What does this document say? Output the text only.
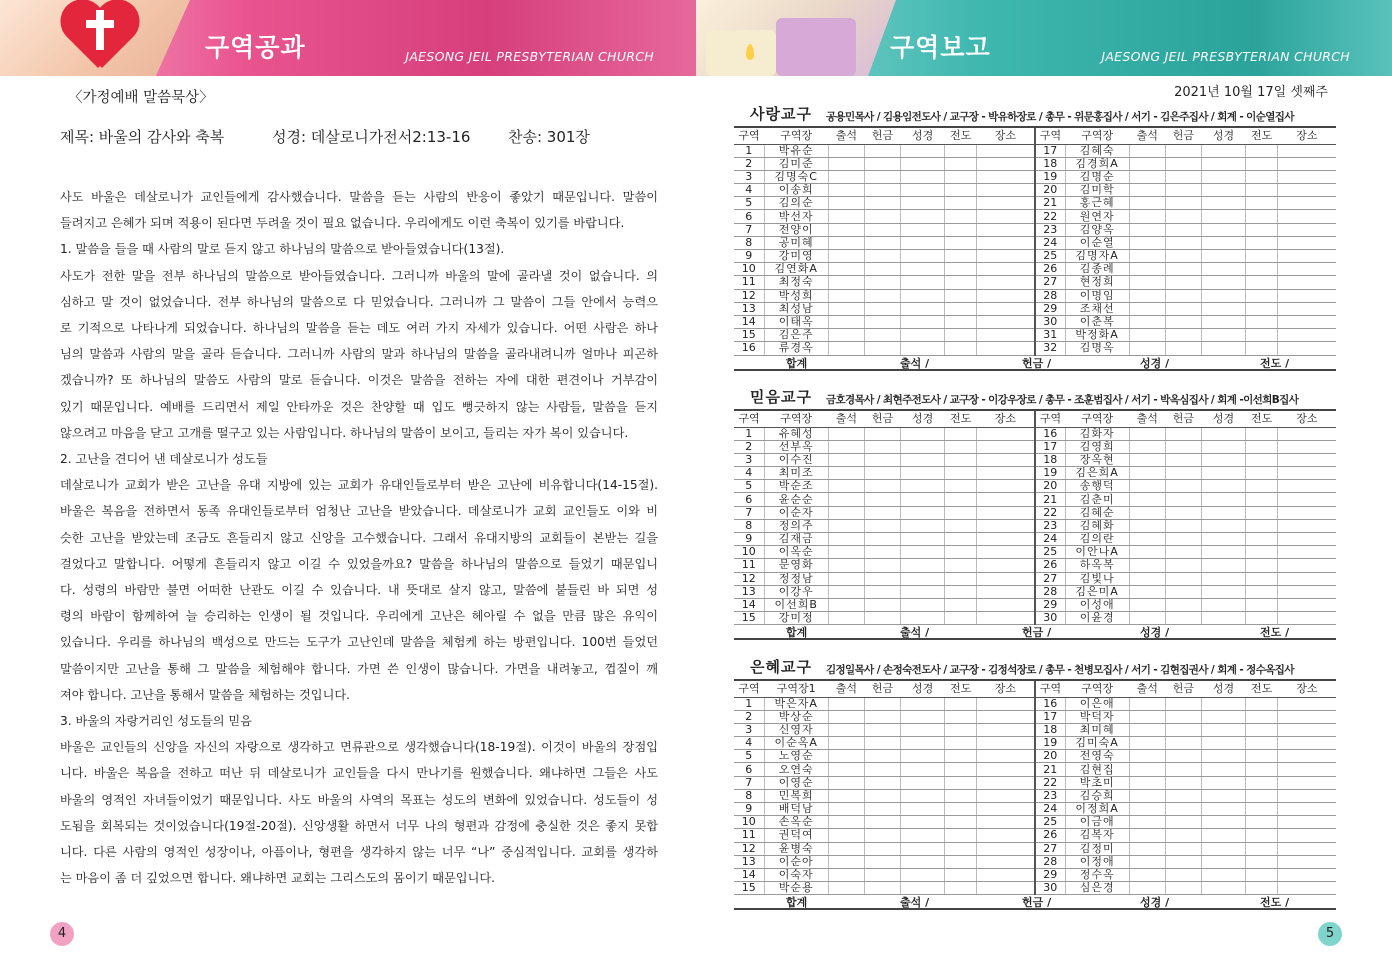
구역공과	JAESONG JEIL PRESBYTERIAN CHURCH	구역보고	JAESONG JEIL PRESBYTERIAN CHURCH
〈가정예배 말씀묵상〉
제목: 바울의 감사와 축복	성경: 데살로니가전서2:13-16	찬송: 301장

사도 바울은 데살로니가 교인들에게 감사했습니다. 말씀을 듣는 사람의 반응이 좋았기 때문입니다. 말씀이

들려지고 은혜가 되며 적용이 된다면 두려울 것이 필요 없습니다. 우리에게도 이런 축복이 있기를 바랍니다.

1. 말씀을 들을 때 사람의 말로 듣지 않고 하나님의 말씀으로 받아들였습니다(13절).

사도가 전한 말을 전부 하나님의 말씀으로 받아들였습니다. 그러니까 바울의 말에 골라낼 것이 없습니다. 의

심하고 말 것이 없었습니다. 전부 하나님의 말씀으로 다 믿었습니다. 그러니까 그 말씀이 그들 안에서 능력으

로 기적으로 나타나게 되었습니다. 하나님의 말씀을 듣는 데도 여러 가지 자세가 있습니다. 어떤 사람은 하나

님의 말씀과 사람의 말을 골라 듣습니다. 그러니까 사람의 말과 하나님의 말씀을 골라내려니까 얼마나 피곤하

겠습니까? 또 하나님의 말씀도 사람의 말로 듣습니다. 이것은 말씀을 전하는 자에 대한 편견이나 거부감이

있기 때문입니다. 예배를 드리면서 제일 안타까운 것은 찬양할 때 입도 뻥긋하지 않는 사람들, 말씀을 듣지

않으려고 마음을 닫고 고개를 떨구고 있는 사람입니다. 하나님의 말씀이 보이고, 들리는 자가 복이 있습니다.

2. 고난을 견디어 낸 데살로니가 성도들

데살로니가 교회가 받은 고난을 유대 지방에 있는 교회가 유대인들로부터 받은 고난에 비유합니다(14-15절).

바울은 복음을 전하면서 동족 유대인들로부터 엄청난 고난을 받았습니다. 데살로니가 교회 교인들도 이와 비

슷한 고난을 받았는데 조금도 흔들리지 않고 신앙을 고수했습니다. 그래서 유대지방의 교회들이 본받는 길을

걸었다고 말합니다. 어떻게 흔들리지 않고 이길 수 있었을까요? 말씀을 하나님의 말씀으로 들었기 때문입니

다. 성령의 바람만 불면 어떠한 난관도 이길 수 있습니다. 내 뜻대로 살지 않고, 말씀에 붙들린 바 되면 성

령의 바람이 함께하여 늘 승리하는 인생이 될 것입니다. 우리에게 고난은 헤아릴 수 없을 만큼 많은 유익이

있습니다. 우리를 하나님의 백성으로 만드는 도구가 고난인데 말씀을 체험케 하는 방편입니다. 100번 들었던

말씀이지만 고난을 통해 그 말씀을 체험해야 합니다. 가면 쓴 인생이 많습니다. 가면을 내려놓고, 껍질이 깨

져야 합니다. 고난을 통해서 말씀을 체험하는 것입니다.

3. 바울의 자랑거리인 성도들의 믿음

바울은 교인들의 신앙을 자신의 자랑으로 생각하고 면류관으로 생각했습니다(18-19절). 이것이 바울의 장점입

니다. 바울은 복음을 전하고 떠난 뒤 데살로니가 교인들을 다시 만나기를 원했습니다. 왜냐하면 그들은 사도

바울의 영적인 자녀들이었기 때문입니다. 사도 바울의 사역의 목표는 성도의 변화에 있었습니다. 성도들이 성

도됨을 회복되는 것이었습니다(19절-20절). 신앙생활 하면서 너무 나의 형편과 감정에 충실한 것은 좋지 못합

니다. 다른 사람의 영적인 성장이나, 아픔이나, 형편을 생각하지 않는 너무 “나” 중심적입니다. 교회를 생각하

는 마음이 좀 더 깊었으면 합니다. 왜냐하면 교회는 그리스도의 몸이기 때문입니다.

2021년 10월 17일 셋째주
사랑교구 공용민목사 / 김용임전도사 / 교구장 - 박유하장로 / 총무 - 위문홍집사 / 서기 - 김은주집사 / 회계 - 이순열집사
구역	구역장	출석	헌금	성경	전도	장소	구역	구역장	출석	헌금	성경	전도	장소
1	박유순						17	김혜숙					
2	김미준						18	김경희A					
3	김명숙C						19	김명순					
4	이송희						20	김미학					
5	김의순						21	홍근혜					
6	박선자						22	원연자					
7	전양이						23	김양옥					
8	공미혜						24	이순열					
9	강미영						25	김명자A					
10	김연화A						26	김종례					
11	최정숙						27	현정희					
12	박성희						28	이명임					
13	최성남						29	조채선					
14	이태옥						30	이춘복					
15	김은주						31	박정화A					
16	류경옥						32	김명옥					
합계	출석 /	헌금 /	성경 /	전도 /
믿음교구 금호경목사 / 최현주전도사 / 교구장 - 이강우장로 / 총무 - 조훈범집사 / 서기 - 박옥심집사 / 회계 -이선희B집사
구역	구역장	출석	헌금	성경	전도	장소	구역	구역장	출석	헌금	성경	전도	장소
1	유혜성						16	김화자					
2	선부옥						17	김영희					
3	이수진						18	장옥현					
4	최미조						19	김은희A					
5	박순조						20	송행덕					
6	윤순순						21	김춘미					
7	이순자						22	김혜순					
8	정의주						23	김혜화					
9	김재금						24	김의란					
10	이옥순						25	이안나A					
11	문영화						26	하옥복					
12	정정남						27	김빛나					
13	이강우						28	김은미A					
14	이선희B						29	이성애					
15	강미정						30	이윤경					
합계	출석 /	헌금 /	성경 /	전도 /
은혜교구 김정일목사 / 손정숙전도사 / 교구장 - 김정석장로 / 총무 - 천병모집사 / 서기 - 김현집권사 / 회계 - 정수옥집사
구역	구역장1	출석	헌금	성경	전도	장소	구역	구역장	출석	헌금	성경	전도	장소
1	박은자A						16	이은애					
2	박상순						17	박덕자					
3	신영자						18	최미혜					
4	이순옥A						19	김미숙A					
5	노영순						20	전영숙					
6	오연숙						21	김현집					
7	이영순						22	박초미					
8	민복희						23	김승희					
9	배덕남						24	이정희A					
10	손옥순						25	이금애					
11	권덕여						26	김복자					
12	윤병숙						27	김정미					
13	이순아						28	이정애					
14	이숙자						29	정수옥					
15	박순용						30	심은경					
합계	출석 /	헌금 /	성경 /	전도 /
4	5
